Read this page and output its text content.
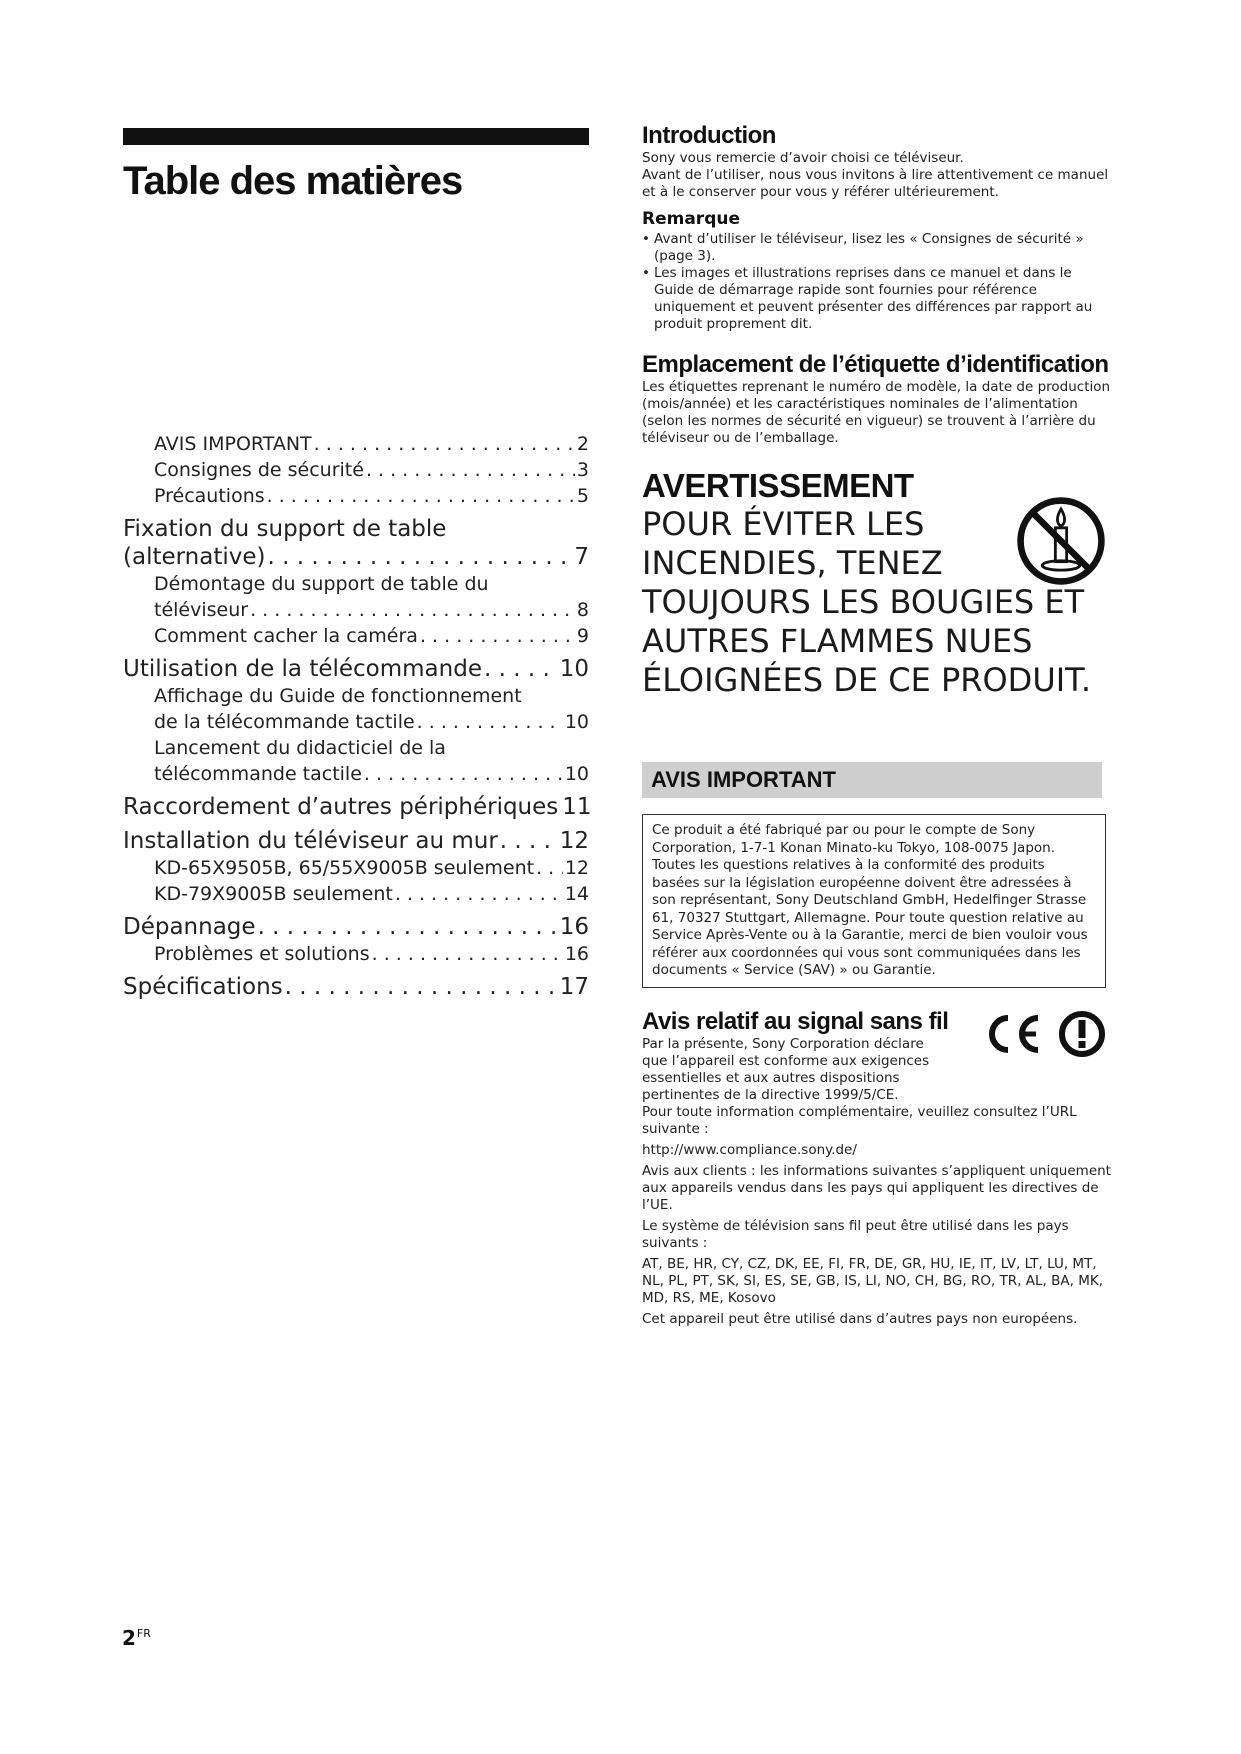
Table des matières
AVIS IMPORTANT . . .	2
Consignes de sécurité . . .	3
Précautions . . .	5
Fixation du support de table
(alternative) . . .	7
Démontage du support de table du
téléviseur . . .	8
Comment cacher la caméra . . .	9
Utilisation de la télécommande . . .	10
Affichage du Guide de fonctionnement
de la télécommande tactile . . .	10
Lancement du didacticiel de la
télécommande tactile . . .	10
Raccordement d’autres périphériques 11
Installation du téléviseur au mur . . .	12
KD-65X9505B, 65/55X9005B seulement . . . 12
KD-79X9005B seulement . . .	14
Dépannage . . .	16
Problèmes et solutions . . .	16
Spécifications . . .	17
Introduction

Sony vous remercie d’avoir choisi ce téléviseur.

Avant de l’utiliser, nous vous invitons à lire attentivement ce manuel et à le conserver pour vous y référer ultérieurement.

Remarque
• Avant d’utiliser le téléviseur, lisez les « Consignes de sécurité » (page 3).
• Les images et illustrations reprises dans ce manuel et dans le Guide de démarrage rapide sont fournies pour référence uniquement et peuvent présenter des différences par rapport au produit proprement dit.
Emplacement de l’étiquette d’identification

Les étiquettes reprenant le numéro de modèle, la date de production (mois/année) et les caractéristiques nominales de l’alimentation (selon les normes de sécurité en vigueur) se trouvent à l’arrière du téléviseur ou de l’emballage.

AVERTISSEMENT
POUR ÉVITER LES INCENDIES, TENEZ TOUJOURS LES BOUGIES ET AUTRES FLAMMES NUES ÉLOIGNÉES DE CE PRODUIT.
AVIS IMPORTANT

Ce produit a été fabriqué par ou pour le compte de Sony Corporation, 1-7-1 Konan Minato-ku Tokyo, 108-0075 Japon.

Toutes les questions relatives à la conformité des produits basées sur la législation européenne doivent être adressées à son représentant, Sony Deutschland GmbH, Hedelfinger Strasse 61, 70327 Stuttgart, Allemagne. Pour toute question relative au Service Après-Vente ou à la Garantie, merci de bien vouloir vous référer aux coordonnées qui vous sont communiquées dans les documents « Service (SAV) » ou Garantie.

Avis relatif au signal sans fil

Par la présente, Sony Corporation déclare que l’appareil est conforme aux exigences essentielles et aux autres dispositions pertinentes de la directive 1999/5/CE.

Pour toute information complémentaire, veuillez consultez l’URL suivante :

http://www.compliance.sony.de/

Avis aux clients : les informations suivantes s’appliquent uniquement aux appareils vendus dans les pays qui appliquent les directives de l’UE.

Le système de télévision sans fil peut être utilisé dans les pays suivants :

AT, BE, HR, CY, CZ, DK, EE, FI, FR, DE, GR, HU, IE, IT, LV, LT, LU, MT, NL, PL, PT, SK, SI, ES, SE, GB, IS, LI, NO, CH, BG, RO, TR, AL, BA, MK, MD, RS, ME, Kosovo

Cet appareil peut être utilisé dans d’autres pays non européens.

$2^{FR}$
